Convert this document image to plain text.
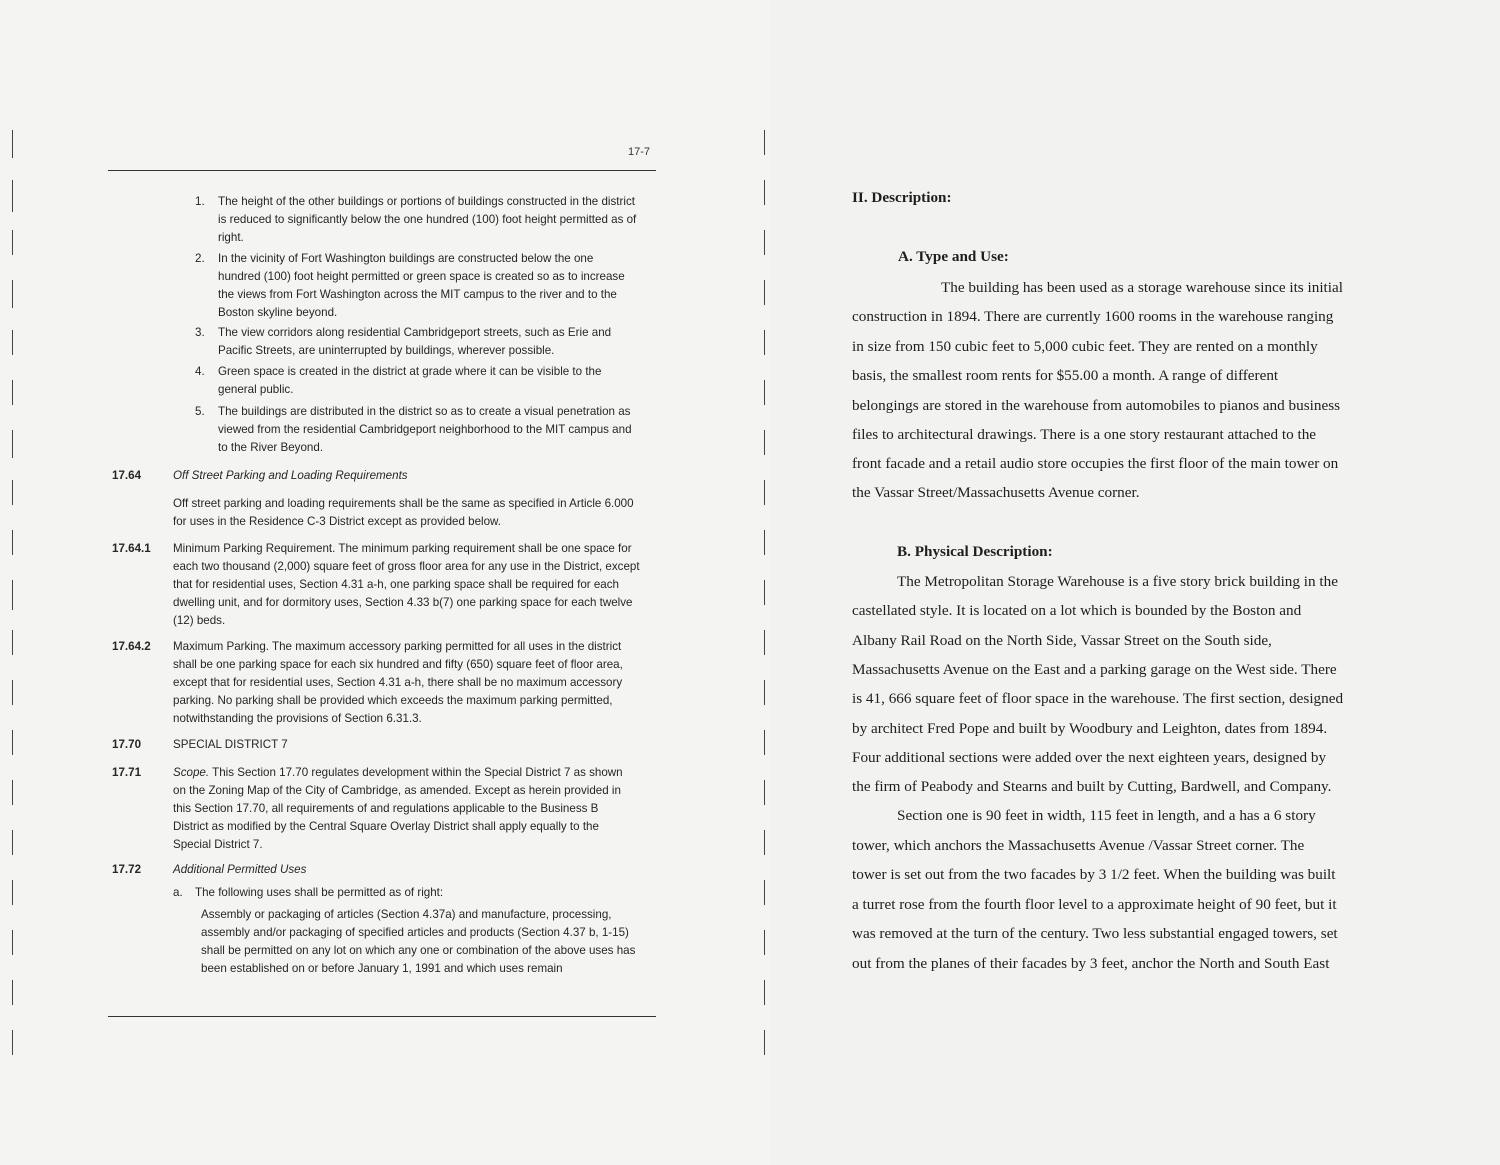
17-7
1.	The height of the other buildings or portions of buildings constructed in the district is reduced to significantly below the one hundred (100) foot height permitted as of right.
2.	In the vicinity of Fort Washington buildings are constructed below the one hundred (100) foot height permitted or green space is created so as to increase the views from Fort Washington across the MIT campus to the river and to the Boston skyline beyond.
3.	The view corridors along residential Cambridgeport streets, such as Erie and Pacific Streets, are uninterrupted by buildings, wherever possible.
4.	Green space is created in the district at grade where it can be visible to the general public.
5.	The buildings are distributed in the district so as to create a visual penetration as viewed from the residential Cambridgeport neighborhood to the MIT campus and to the River Beyond.
17.64	Off Street Parking and Loading Requirements
Off street parking and loading requirements shall be the same as specified in Article 6.000 for uses in the Residence C-3 District except as provided below.
17.64.1	Minimum Parking Requirement. The minimum parking requirement shall be one space for each two thousand (2,000) square feet of gross floor area for any use in the District, except that for residential uses, Section 4.31 a-h, one parking space shall be required for each dwelling unit, and for dormitory uses, Section 4.33 b(7) one parking space for each twelve (12) beds.
17.64.2	Maximum Parking. The maximum accessory parking permitted for all uses in the district shall be one parking space for each six hundred and fifty (650) square feet of floor area, except that for residential uses, Section 4.31 a-h, there shall be no maximum accessory parking. No parking shall be provided which exceeds the maximum parking permitted, notwithstanding the provisions of Section 6.31.3.
17.70	SPECIAL DISTRICT 7
17.71	Scope. This Section 17.70 regulates development within the Special District 7 as shown on the Zoning Map of the City of Cambridge, as amended. Except as herein provided in this Section 17.70, all requirements of and regulations applicable to the Business B District as modified by the Central Square Overlay District shall apply equally to the Special District 7.
17.72	Additional Permitted Uses
a. The following uses shall be permitted as of right:
Assembly or packaging of articles (Section 4.37a) and manufacture, processing, assembly and/or packaging of specified articles and products (Section 4.37 b, 1-15) shall be permitted on any lot on which any one or combination of the above uses has been established on or before January 1, 1991 and which uses remain
II. Description:
A. Type and Use:
The building has been used as a storage warehouse since its initial
construction in 1894. There are currently 1600 rooms in the warehouse ranging
in size from 150 cubic feet to 5,000 cubic feet. They are rented on a monthly
basis, the smallest room rents for $55.00 a month. A range of different
belongings are stored in the warehouse from automobiles to pianos and business
files to architectural drawings. There is a one story restaurant attached to the
front facade and a retail audio store occupies the first floor of the main tower on
the Vassar Street/Massachusetts Avenue corner.
B. Physical Description:
The Metropolitan Storage Warehouse is a five story brick building in the
castellated style. It is located on a lot which is bounded by the Boston and
Albany Rail Road on the North Side, Vassar Street on the South side,
Massachusetts Avenue on the East and a parking garage on the West side. There
is 41, 666 square feet of floor space in the warehouse. The first section, designed
by architect Fred Pope and built by Woodbury and Leighton, dates from 1894.
Four additional sections were added over the next eighteen years, designed by
the firm of Peabody and Stearns and built by Cutting, Bardwell, and Company.
Section one is 90 feet in width, 115 feet in length, and a has a 6 story
tower, which anchors the Massachusetts Avenue /Vassar Street corner. The
tower is set out from the two facades by 3 1/2 feet. When the building was built
a turret rose from the fourth floor level to a approximate height of 90 feet, but it
was removed at the turn of the century. Two less substantial engaged towers, set
out from the planes of their facades by 3 feet, anchor the North and South East
